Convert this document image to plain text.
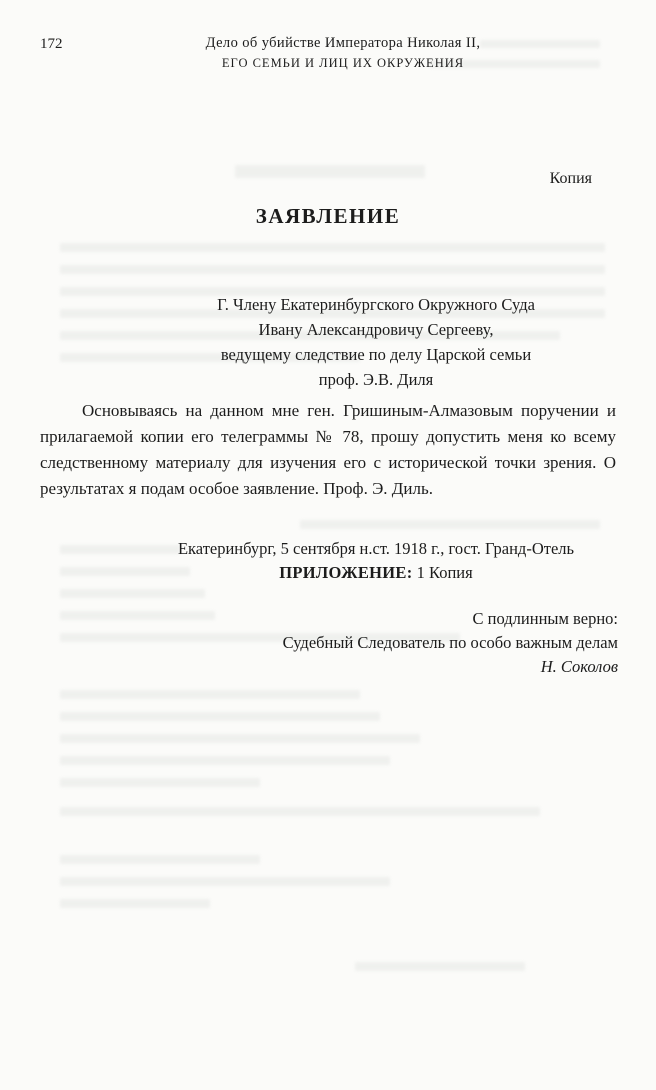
172	Дело об убийстве Императора Николая II,
ЕГО СЕМЬИ И ЛИЦ ИХ ОКРУЖЕНИЯ
Копия
ЗАЯВЛЕНИЕ
Г. Члену Екатеринбургского Окружного Суда
Ивану Александровичу Сергееву,
ведущему следствие по делу Царской семьи
проф. Э.В. Диля
Основываясь на данном мне ген. Гришиным-Алмазовым поручении и прилагаемой копии его телеграммы № 78, прошу допустить меня ко всему следственному материалу для изучения его с исторической точки зрения. О результатах я подам особое заявление. Проф. Э. Диль.
Екатеринбург, 5 сентября н.ст. 1918 г., гост. Гранд-Отель
ПРИЛОЖЕНИЕ: 1 Копия
С подлинным верно:
Судебный Следователь по особо важным делам
Н. Соколов
